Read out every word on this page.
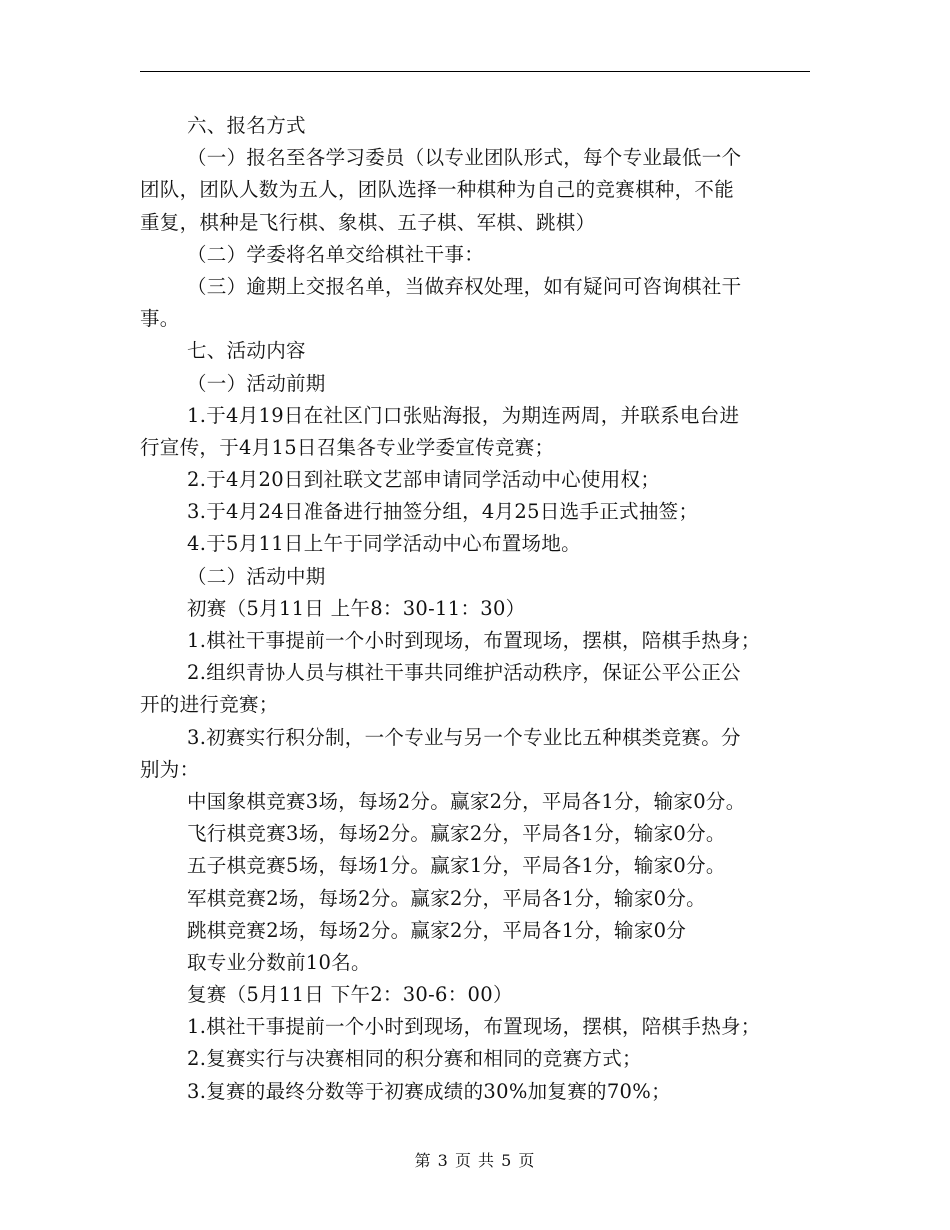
六、报名方式
（一）报名至各学习委员（以专业团队形式，每个专业最低一个
团队，团队人数为五人，团队选择一种棋种为自己的竞赛棋种，不能
重复，棋种是飞行棋、象棋、五子棋、军棋、跳棋）
（二）学委将名单交给棋社干事：
（三）逾期上交报名单，当做弃权处理，如有疑问可咨询棋社干
事。
七、活动内容
（一）活动前期
1.于4月19日在社区门口张贴海报，为期连两周，并联系电台进
行宣传，于4月15日召集各专业学委宣传竞赛；
2.于4月20日到社联文艺部申请同学活动中心使用权；
3.于4月24日准备进行抽签分组，4月25日选手正式抽签；
4.于5月11日上午于同学活动中心布置场地。
（二）活动中期
初赛（5月11日 上午8：30-11：30）
1.棋社干事提前一个小时到现场，布置现场，摆棋，陪棋手热身；
2.组织青协人员与棋社干事共同维护活动秩序，保证公平公正公
开的进行竞赛；
3.初赛实行积分制，一个专业与另一个专业比五种棋类竞赛。分
别为：
中国象棋竞赛3场，每场2分。赢家2分，平局各1分，输家0分。
飞行棋竞赛3场，每场2分。赢家2分，平局各1分，输家0分。
五子棋竞赛5场，每场1分。赢家1分，平局各1分，输家0分。
军棋竞赛2场，每场2分。赢家2分，平局各1分，输家0分。
跳棋竞赛2场，每场2分。赢家2分，平局各1分，输家0分
取专业分数前10名。
复赛（5月11日 下午2：30-6：00）
1.棋社干事提前一个小时到现场，布置现场，摆棋，陪棋手热身；
2.复赛实行与决赛相同的积分赛和相同的竞赛方式；
3.复赛的最终分数等于初赛成绩的30%加复赛的70%；
第 3 页 共 5 页
